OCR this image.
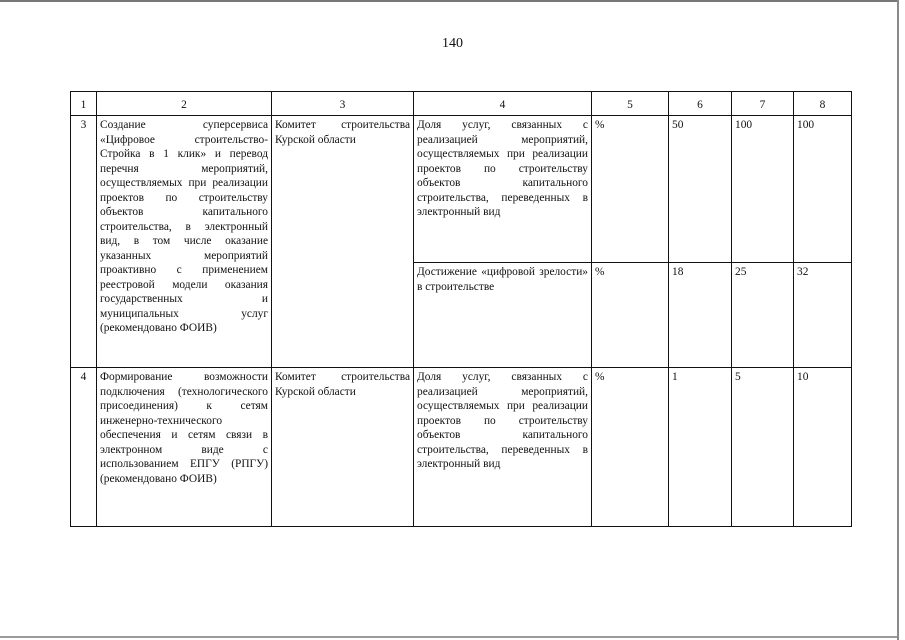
140
1	2	3	4	5	6	7	8
3	Создание суперсервиса «Цифровое строительство-Стройка в 1 клик» и перевод перечня мероприятий, осуществляемых при реализации проектов по строительству объектов капитального строительства, в электронный вид, в том числе оказание указанных мероприятий проактивно с применением реестровой модели оказания государственных и муниципальных услуг (рекомендовано ФОИВ)	Комитет строительства Курской области	Доля услуг, связанных с реализацией мероприятий, осуществляемых при реализации проектов по строительству объектов капитального строительства, переведенных в электронный вид	%	50	100	100
			Достижение «цифровой зрелости» в строительстве	%	18	25	32
4	Формирование возможности подключения (технологического присоединения) к сетям инженерно-технического обеспечения и сетям связи в электронном виде с использованием ЕПГУ (РПГУ) (рекомендовано ФОИВ)	Комитет строительства Курской области	Доля услуг, связанных с реализацией мероприятий, осуществляемых при реализации проектов по строительству объектов капитального строительства, переведенных в электронный вид	%	1	5	10
